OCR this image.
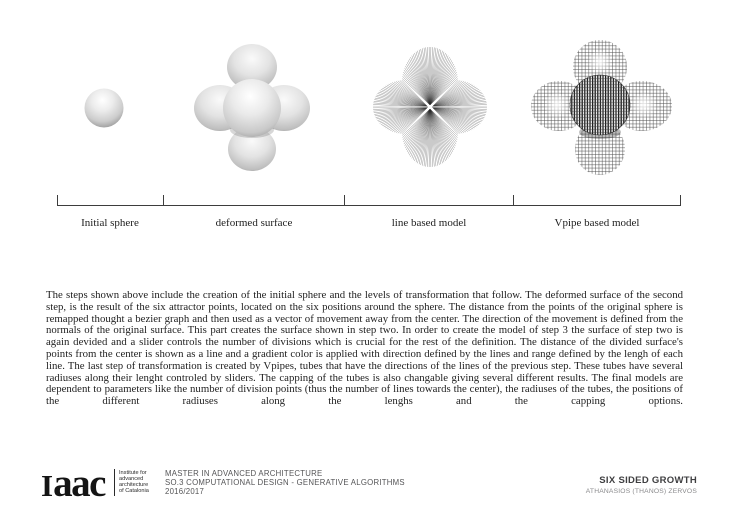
Initial sphere	deformed surface	line based model	Vpipe based model
The steps shown above include the creation of the initial sphere and the levels of transformation that follow. The deformed surface of the second step, is the result of the six attractor points, located on the six positions around the sphere. The distance from the points of the original sphere is remapped thought a bezier graph and then used as a vector of movement away from the center. The direction of the movement is defined from the normals of the original surface. This part creates the surface shown in step two. In order to create the model of step 3 the surface of step two is again devided and a slider controls the number of divisions which is crucial for the rest of the definition. The distance of the divided surface's points from the center is shown as a line and a gradient color is applied with direction defined by the lines and range defined by the lengh of each line. The last step of transformation is created by Vpipes, tubes that have the directions of the lines of the previous step. These tubes have several radiuses along their lenght controled by sliders. The capping of the tubes is also changable giving several different results. The final models are dependent to parameters like the number of division points (thus the number of lines towards the center), the radiuses of the tubes, the positions of the different radiuses along the lenghs and the capping options.
Iaac	Institute for
advanced
architecture
of Catalonia
MASTER IN ADVANCED ARCHITECTURE
SO.3 COMPUTATIONAL DESIGN - GENERATIVE ALGORITHMS
2016/2017
SIX SIDED GROWTH
ATHANASIOS (THANOS) ZERVOS
